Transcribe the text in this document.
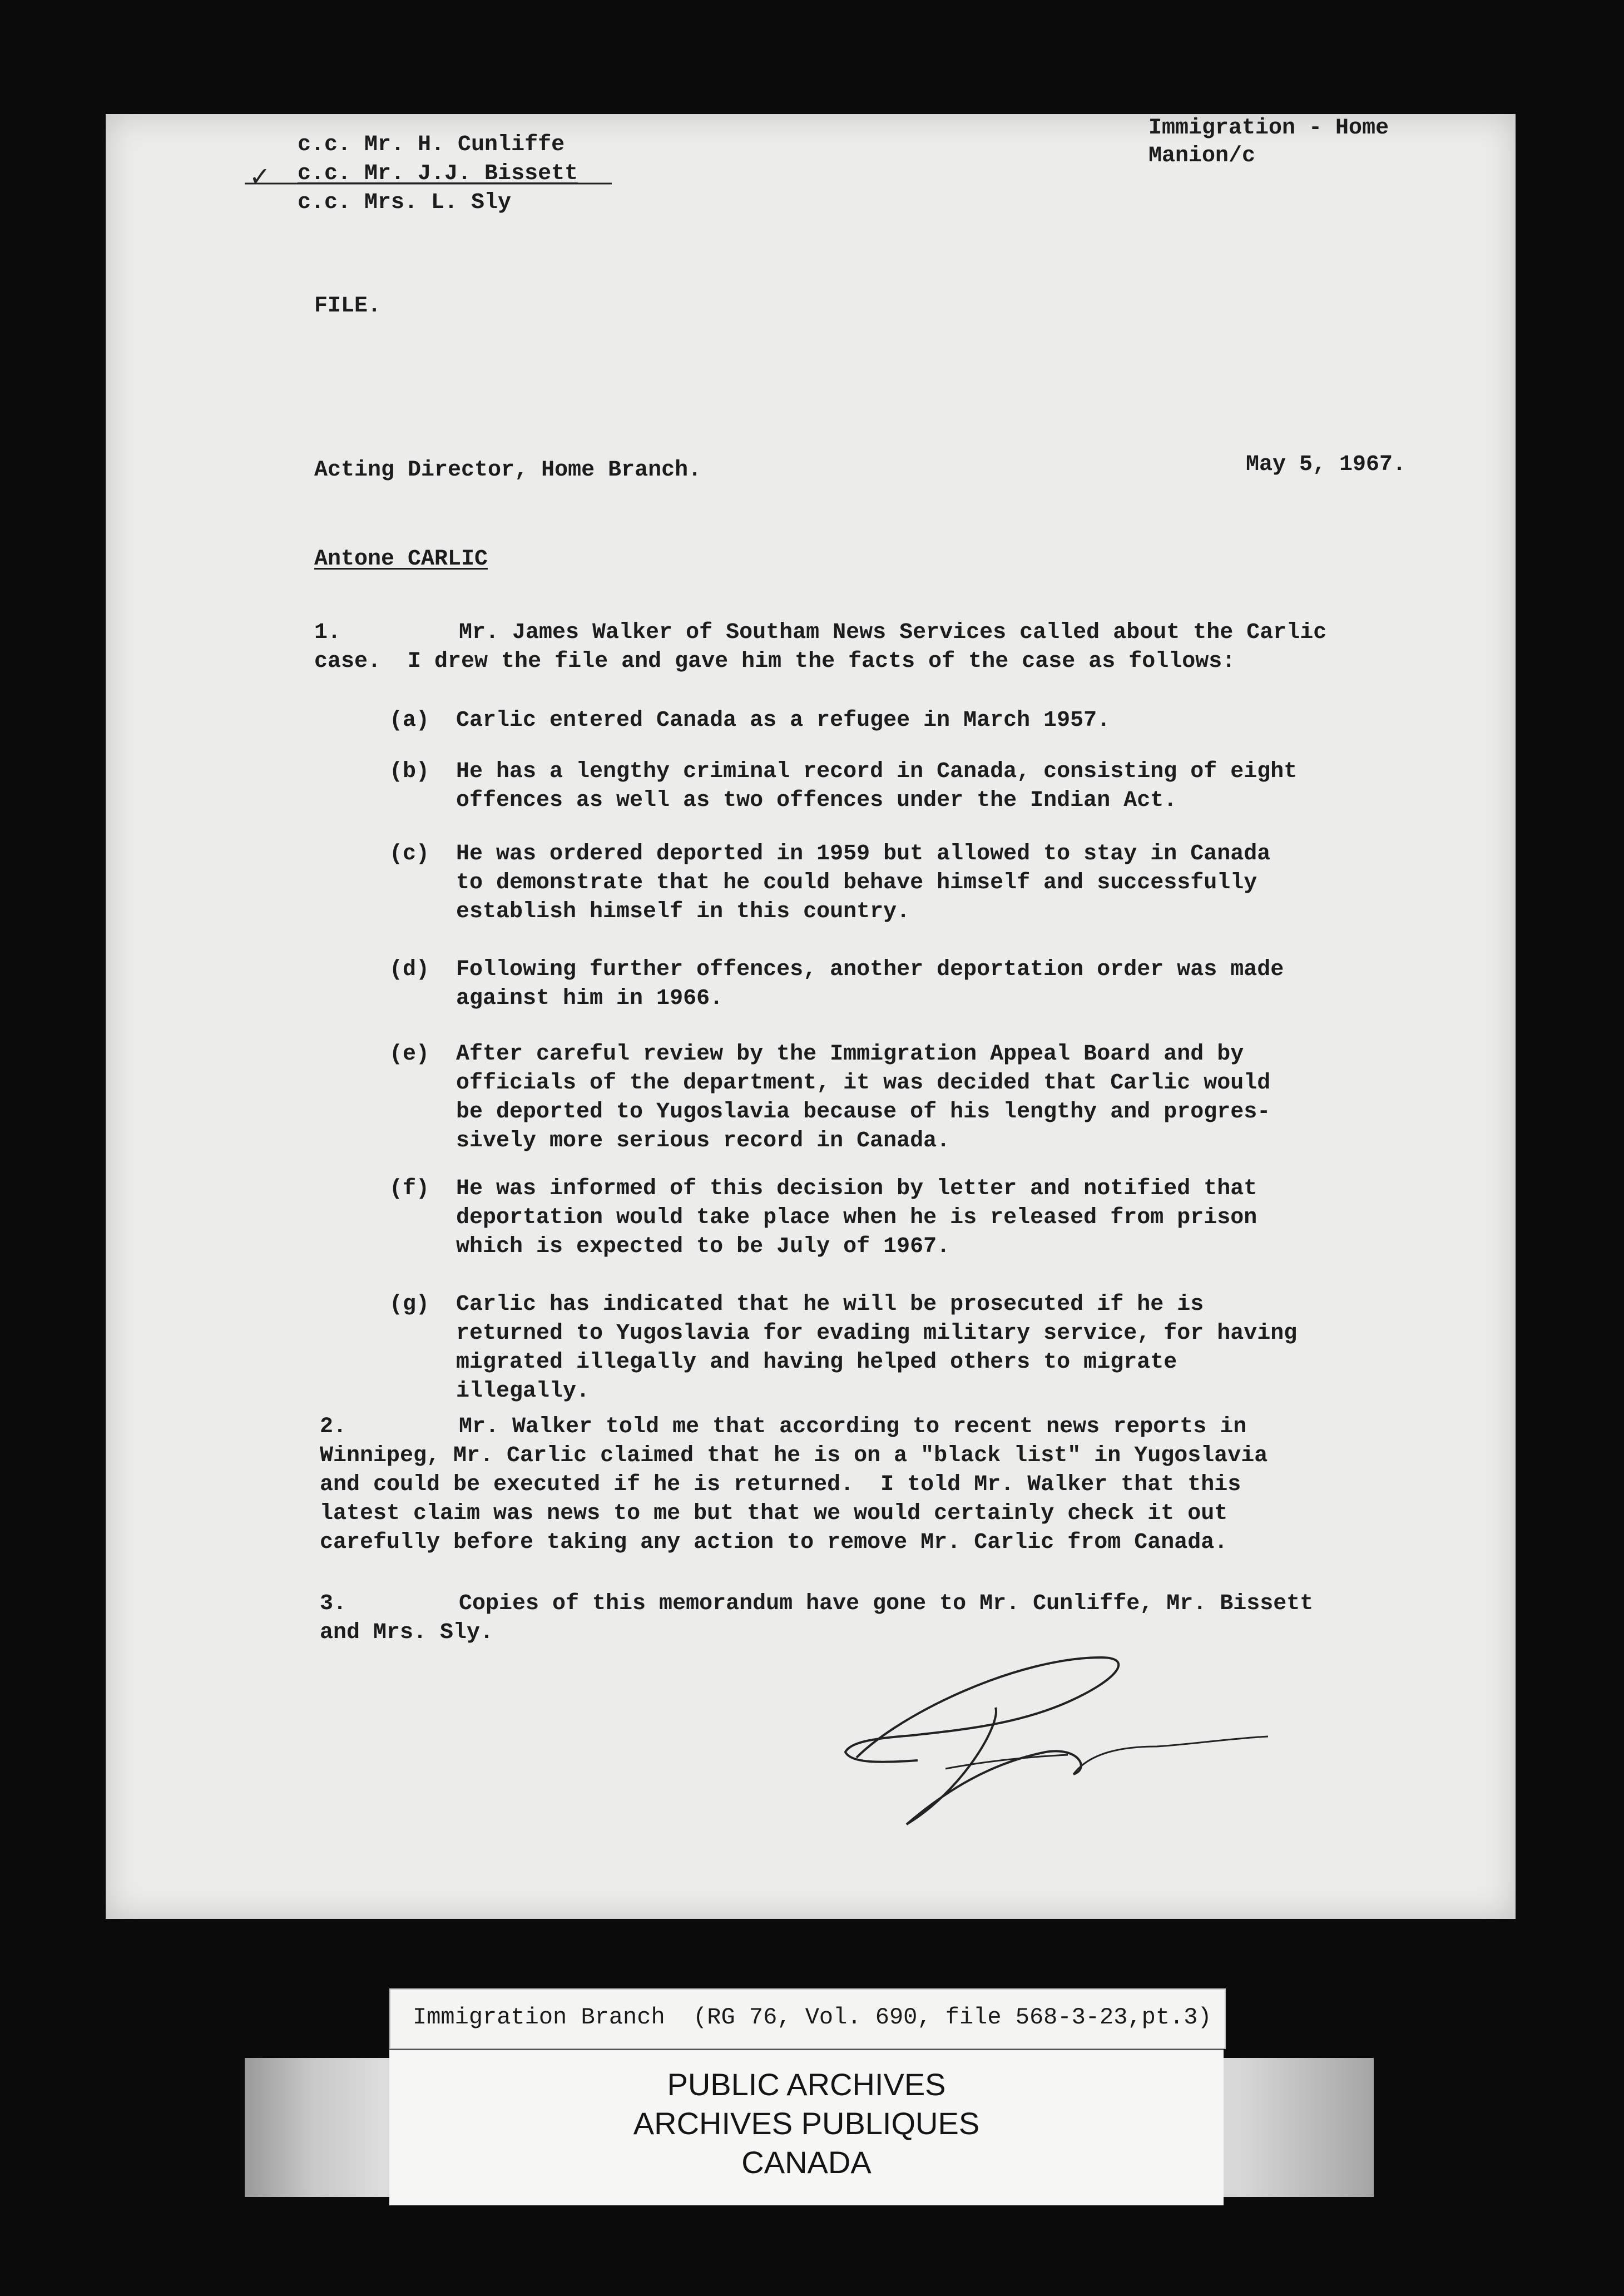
c.c. Mr. H. Cunliffe

c.c. Mr. J.J. Bissett

c.c. Mrs. L. Sly

✓

Immigration - Home

Manion/c

FILE.
Acting Director, Home Branch.	May 5, 1967.
Antone CARLIC
1.	Mr. James Walker of Southam News Services called about the Carlic
case.  I drew the file and gave him the facts of the case as follows:

(a)

Carlic entered Canada as a refugee in March 1957.

(b)

He has a lengthy criminal record in Canada, consisting of eight

offences as well as two offences under the Indian Act.

(c)

He was ordered deported in 1959 but allowed to stay in Canada

to demonstrate that he could behave himself and successfully

establish himself in this country.

(d)

Following further offences, another deportation order was made

against him in 1966.

(e)

After careful review by the Immigration Appeal Board and by

officials of the department, it was decided that Carlic would

be deported to Yugoslavia because of his lengthy and progres-

sively more serious record in Canada.

(f)

He was informed of this decision by letter and notified that

deportation would take place when he is released from prison

which is expected to be July of 1967.

(g)

Carlic has indicated that he will be prosecuted if he is

returned to Yugoslavia for evading military service, for having

migrated illegally and having helped others to migrate

illegally.

2.	Mr. Walker told me that according to recent news reports in
Winnipeg, Mr. Carlic claimed that he is on a "black list" in Yugoslavia
and could be executed if he is returned.  I told Mr. Walker that this
latest claim was news to me but that we would certainly check it out
carefully before taking any action to remove Mr. Carlic from Canada.
3.	Copies of this memorandum have gone to Mr. Cunliffe, Mr. Bissett
and Mrs. Sly.
Immigration Branch  (RG 76, Vol. 690, file 568-3-23,pt.3)
PUBLIC ARCHIVES
ARCHIVES PUBLIQUES
CANADA
